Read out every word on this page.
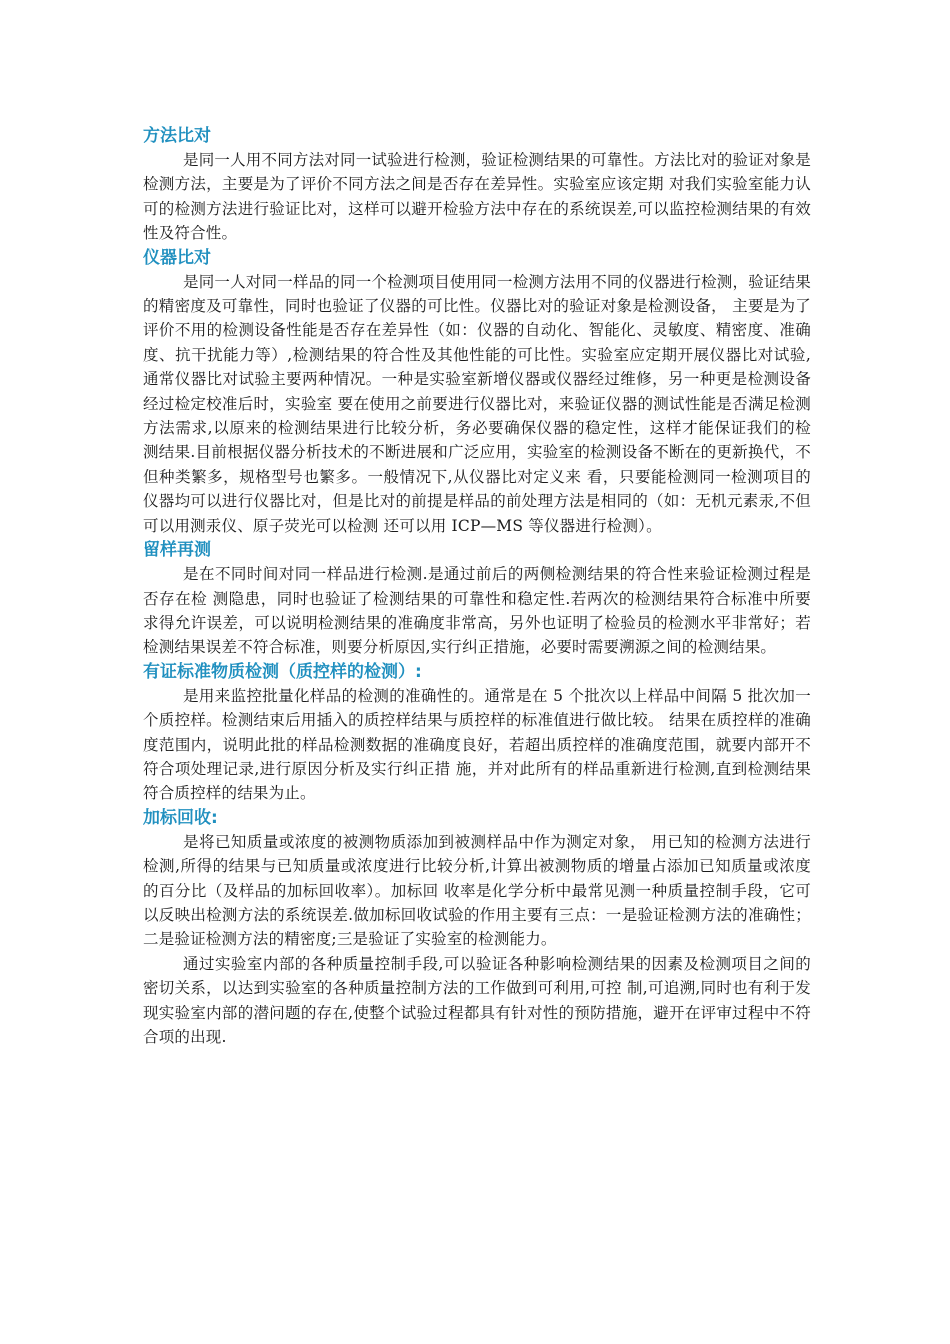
方法比对

是同一人用不同方法对同一试验进行检测，验证检测结果的可靠性。方法比对的验证对象是检测方法，主要是为了评价不同方法之间是否存在差异性。实验室应该定期 对我们实验室能力认可的检测方法进行验证比对，这样可以避开检验方法中存在的系统误差,可以监控检测结果的有效性及符合性。

仪器比对

是同一人对同一样品的同一个检测项目使用同一检测方法用不同的仪器进行检测，验证结果的精密度及可靠性，同时也验证了仪器的可比性。仪器比对的验证对象是检测设备， 主要是为了评价不用的检测设备性能是否存在差异性（如：仪器的自动化、智能化、灵敏度、精密度、准确度、抗干扰能力等）,检测结果的符合性及其他性能的可比性。实验室应定期开展仪器比对试验,通常仪器比对试验主要两种情况。一种是实验室新增仪器或仪器经过维修，另一种更是检测设备经过检定校准后时，实验室 要在使用之前要进行仪器比对，来验证仪器的测试性能是否满足检测方法需求,以原来的检测结果进行比较分析，务必要确保仪器的稳定性，这样才能保证我们的检 测结果.目前根据仪器分析技术的不断进展和广泛应用，实验室的检测设备不断在的更新换代，不但种类繁多，规格型号也繁多。一般情况下,从仪器比对定义来 看，只要能检测同一检测项目的仪器均可以进行仪器比对，但是比对的前提是样品的前处理方法是相同的（如：无机元素汞,不但可以用测汞仪、原子荧光可以检测 还可以用 ICP—MS 等仪器进行检测）。

留样再测

是在不同时间对同一样品进行检测.是通过前后的两侧检测结果的符合性来验证检测过程是否存在检 测隐患，同时也验证了检测结果的可靠性和稳定性.若两次的检测结果符合标准中所要求得允许误差，可以说明检测结果的准确度非常高，另外也证明了检验员的检测水平非常好；若检测结果误差不符合标准，则要分析原因,实行纠正措施，必要时需要溯源之间的检测结果。

有证标准物质检测（质控样的检测）:

是用来监控批量化样品的检测的准确性的。通常是在 5 个批次以上样品中间隔 5 批次加一个质控样。检测结束后用插入的质控样结果与质控样的标准值进行做比较。 结果在质控样的准确度范围内，说明此批的样品检测数据的准确度良好，若超出质控样的准确度范围，就要内部开不符合项处理记录,进行原因分析及实行纠正措 施，并对此所有的样品重新进行检测,直到检测结果符合质控样的结果为止。

加标回收:

是将已知质量或浓度的被测物质添加到被测样品中作为测定对象， 用已知的检测方法进行检测,所得的结果与已知质量或浓度进行比较分析,计算出被测物质的增量占添加已知质量或浓度的百分比（及样品的加标回收率）。加标回 收率是化学分析中最常见测一种质量控制手段，它可以反映出检测方法的系统误差.做加标回收试验的作用主要有三点：一是验证检测方法的准确性；二是验证检测方法的精密度;三是验证了实验室的检测能力。

通过实验室内部的各种质量控制手段,可以验证各种影响检测结果的因素及检测项目之间的密切关系，以达到实验室的各种质量控制方法的工作做到可利用,可控 制,可追溯,同时也有利于发现实验室内部的潜问题的存在,使整个试验过程都具有针对性的预防措施，避开在评审过程中不符合项的出现.
